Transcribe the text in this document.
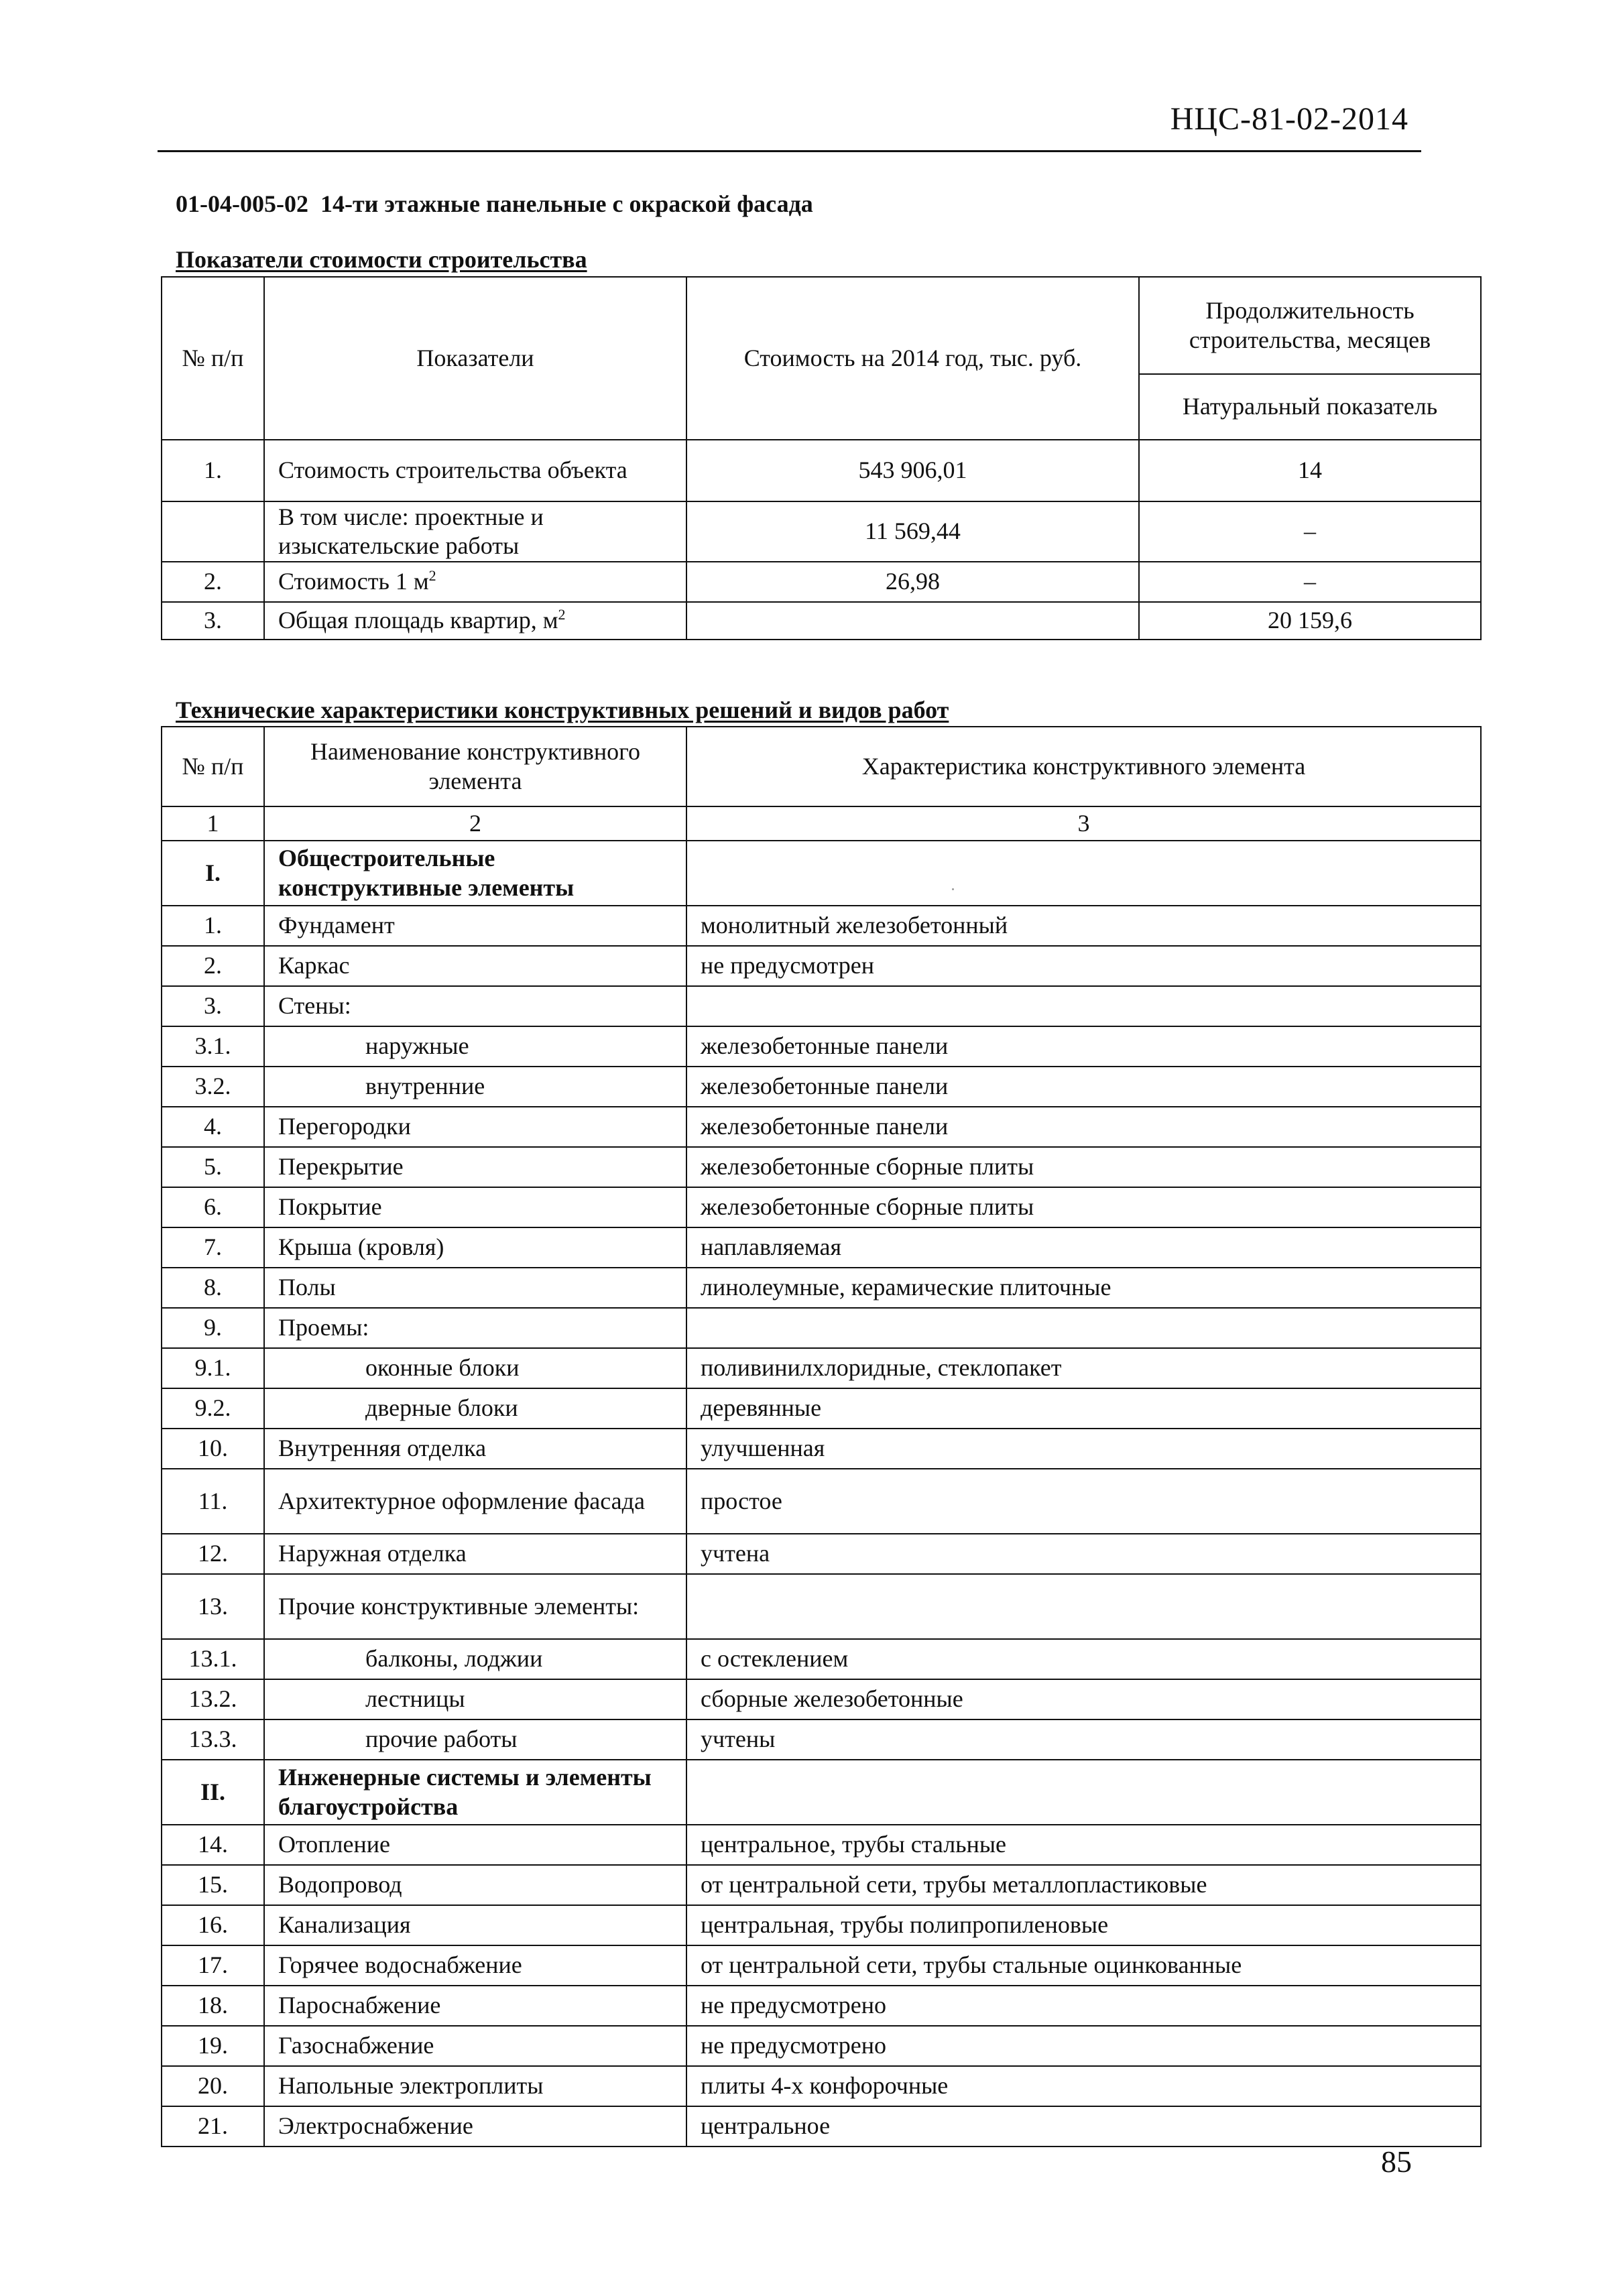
НЦС-81-02-2014
01-04-005-02 14-ти этажные панельные с окраской фасада
Показатели стоимости строительства
№ п/п	Показатели	Стоимость на 2014 год, тыс. руб.	Продолжительность строительства, месяцев
			Натуральный показатель
1.	Стоимость строительства объекта	543 906,01	14
	В том числе: проектные и изыскательские работы	11 569,44	–
2.	Стоимость 1 $м^2$	26,98	–
3.	Общая площадь квартир, $м^2$		20 159,6
Технические характеристики конструктивных решений и видов работ
№ п/п	Наименование конструктивного элемента	Характеристика конструктивного элемента
1	2	3
I.	Общестроительные конструктивные элементы	
1.	Фундамент	монолитный железобетонный
2.	Каркас	не предусмотрен
3.	Стены:	
3.1.	наружные	железобетонные панели
3.2.	внутренние	железобетонные панели
4.	Перегородки	железобетонные панели
5.	Перекрытие	железобетонные сборные плиты
6.	Покрытие	железобетонные сборные плиты
7.	Крыша (кровля)	наплавляемая
8.	Полы	линолеумные, керамические плиточные
9.	Проемы:	
9.1.	оконные блоки	поливинилхлоридные, стеклопакет
9.2.	дверные блоки	деревянные
10.	Внутренняя отделка	улучшенная
11.	Архитектурное оформление фасада	простое
12.	Наружная отделка	учтена
13.	Прочие конструктивные элементы:	
13.1.	балконы, лоджии	с остеклением
13.2.	лестницы	сборные железобетонные
13.3.	прочие работы	учтены
II.	Инженерные системы и элементы благоустройства	
14.	Отопление	центральное, трубы стальные
15.	Водопровод	от центральной сети, трубы металлопластиковые
16.	Канализация	центральная, трубы полипропиленовые
17.	Горячее водоснабжение	от центральной сети, трубы стальные оцинкованные
18.	Пароснабжение	не предусмотрено
19.	Газоснабжение	не предусмотрено
20.	Напольные электроплиты	плиты 4-х конфорочные
21.	Электроснабжение	центральное
85
